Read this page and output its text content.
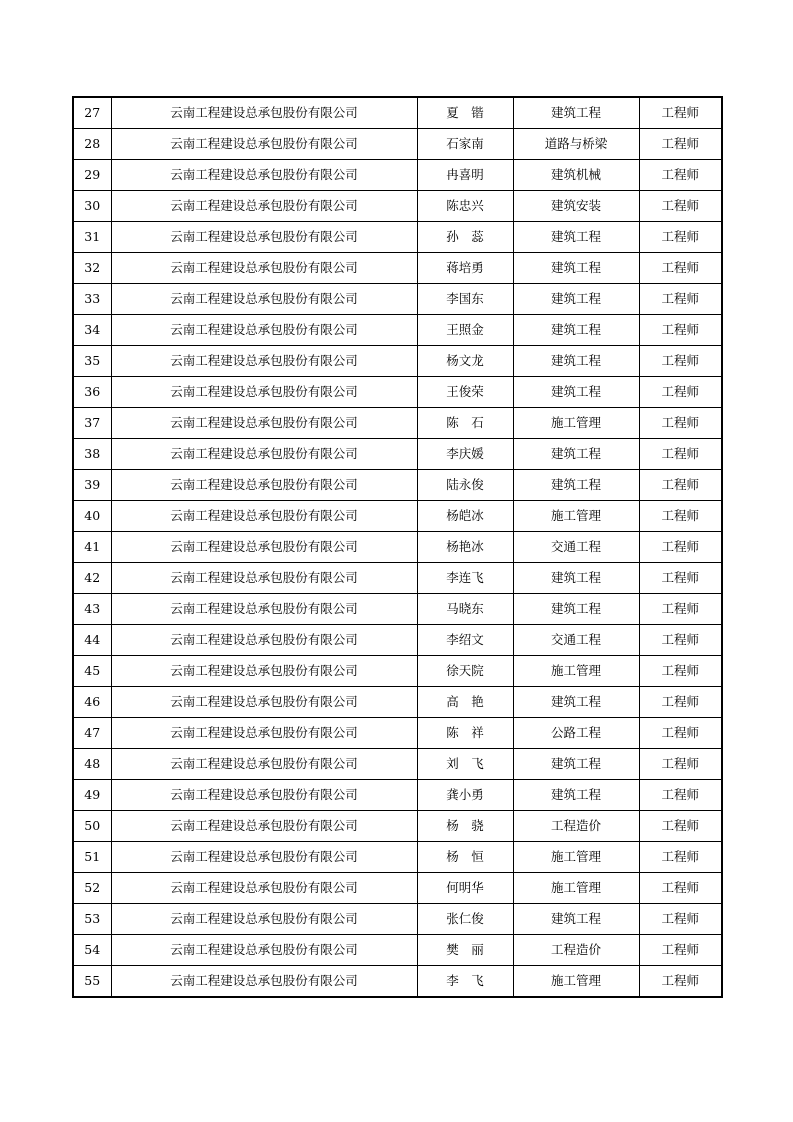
27	云南工程建设总承包股份有限公司	夏　锴	建筑工程	工程师
28	云南工程建设总承包股份有限公司	石家南	道路与桥梁	工程师
29	云南工程建设总承包股份有限公司	冉喜明	建筑机械	工程师
30	云南工程建设总承包股份有限公司	陈忠兴	建筑安装	工程师
31	云南工程建设总承包股份有限公司	孙　蕊	建筑工程	工程师
32	云南工程建设总承包股份有限公司	蒋培勇	建筑工程	工程师
33	云南工程建设总承包股份有限公司	李国东	建筑工程	工程师
34	云南工程建设总承包股份有限公司	王照金	建筑工程	工程师
35	云南工程建设总承包股份有限公司	杨文龙	建筑工程	工程师
36	云南工程建设总承包股份有限公司	王俊荣	建筑工程	工程师
37	云南工程建设总承包股份有限公司	陈　石	施工管理	工程师
38	云南工程建设总承包股份有限公司	李庆媛	建筑工程	工程师
39	云南工程建设总承包股份有限公司	陆永俊	建筑工程	工程师
40	云南工程建设总承包股份有限公司	杨皑冰	施工管理	工程师
41	云南工程建设总承包股份有限公司	杨艳冰	交通工程	工程师
42	云南工程建设总承包股份有限公司	李连飞	建筑工程	工程师
43	云南工程建设总承包股份有限公司	马晓东	建筑工程	工程师
44	云南工程建设总承包股份有限公司	李绍文	交通工程	工程师
45	云南工程建设总承包股份有限公司	徐天院	施工管理	工程师
46	云南工程建设总承包股份有限公司	高　艳	建筑工程	工程师
47	云南工程建设总承包股份有限公司	陈　祥	公路工程	工程师
48	云南工程建设总承包股份有限公司	刘　飞	建筑工程	工程师
49	云南工程建设总承包股份有限公司	龚小勇	建筑工程	工程师
50	云南工程建设总承包股份有限公司	杨　骁	工程造价	工程师
51	云南工程建设总承包股份有限公司	杨　恒	施工管理	工程师
52	云南工程建设总承包股份有限公司	何明华	施工管理	工程师
53	云南工程建设总承包股份有限公司	张仁俊	建筑工程	工程师
54	云南工程建设总承包股份有限公司	樊　丽	工程造价	工程师
55	云南工程建设总承包股份有限公司	李　飞	施工管理	工程师
